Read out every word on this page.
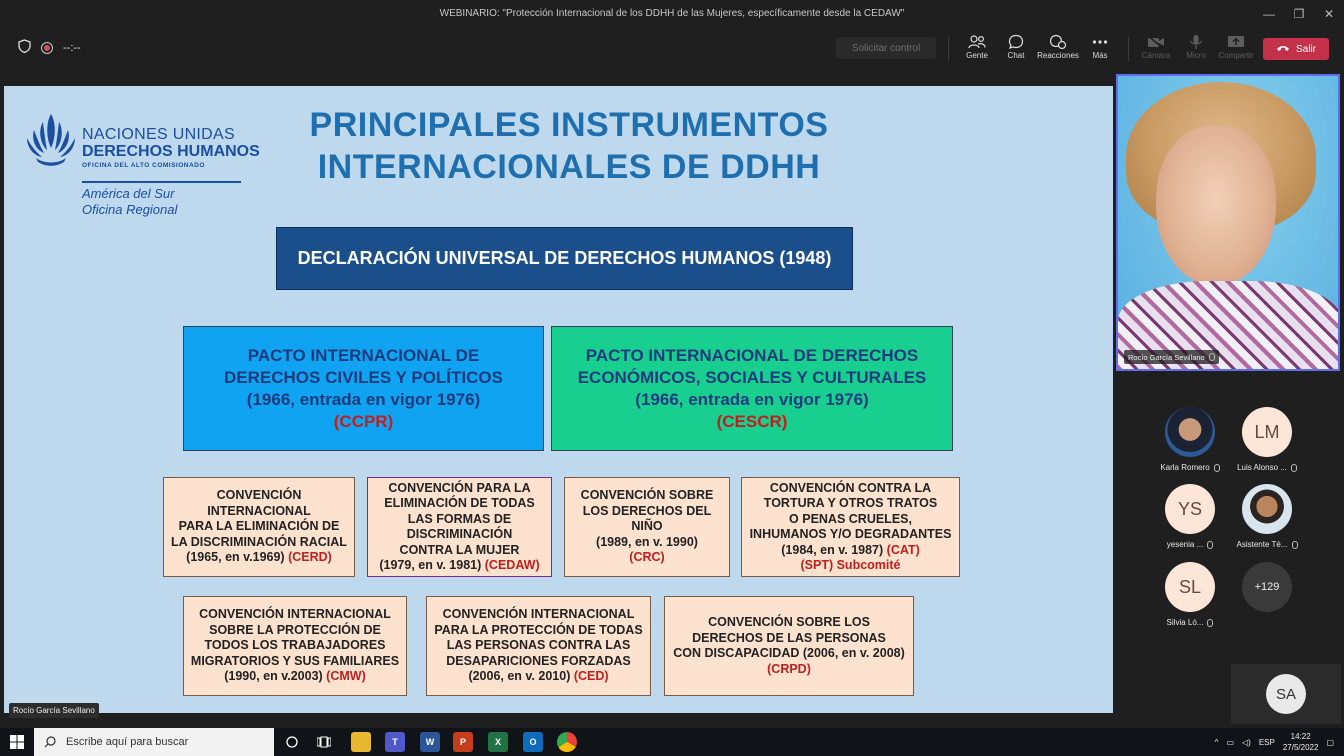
WEBINARIO: "Protección Internacional de los DDHH de las Mujeres, específicamente desde la CEDAW"	—	❐	✕
--:--	Solicitar control
Gente Chat Reacciones Más	Cámara Micro Compartir
Salir
NACIONES UNIDAS
DERECHOS HUMANOS
OFICINA DEL ALTO COMISIONADO
América del Sur
Oficina Regional
PRINCIPALES INSTRUMENTOS
INTERNACIONALES DE DDHH
DECLARACIÓN UNIVERSAL DE DERECHOS HUMANOS (1948)
PACTO INTERNACIONAL DE
DERECHOS CIVILES Y POLÍTICOS
(1966, entrada en vigor 1976)
(CCPR)
PACTO INTERNACIONAL DE DERECHOS
ECONÓMICOS, SOCIALES Y CULTURALES
(1966, entrada en vigor 1976)
(CESCR)
CONVENCIÓN
INTERNACIONAL
PARA LA ELIMINACIÓN DE
LA DISCRIMINACIÓN RACIAL
(1965, en v.1969) (CERD)
CONVENCIÓN PARA LA
ELIMINACIÓN DE TODAS
LAS FORMAS DE
DISCRIMINACIÓN
CONTRA LA MUJER
(1979, en v. 1981) (CEDAW)
CONVENCIÓN SOBRE
LOS DERECHOS DEL
NIÑO
(1989, en v. 1990)
(CRC)
CONVENCIÓN CONTRA LA
TORTURA Y OTROS TRATOS
O PENAS CRUELES,
INHUMANOS Y/O DEGRADANTES
(1984, en v. 1987) (CAT)
(SPT) Subcomité
CONVENCIÓN INTERNACIONAL
SOBRE LA PROTECCIÓN DE
TODOS LOS TRABAJADORES
MIGRATORIOS Y SUS FAMILIARES
(1990, en v.2003) (CMW)
CONVENCIÓN INTERNACIONAL
PARA LA PROTECCIÓN DE TODAS
LAS PERSONAS CONTRA LAS
DESAPARICIONES FORZADAS
(2006, en v. 2010) (CED)
CONVENCIÓN SOBRE LOS
DERECHOS DE LAS PERSONAS
CON DISCAPACIDAD (2006, en v. 2008)
(CRPD)
Rocío García Sevillano
Rocío García Sevillano
Karla Romero
LM
Luis Alonso ...
YS
yesenia ...	Asistente Té...
SL
Silvia Ló...
+129
SA
Escribe aquí para buscar	T	W	P	X	O	^ ▭ ◁) ESP
14:22
27/5/2022
▢
